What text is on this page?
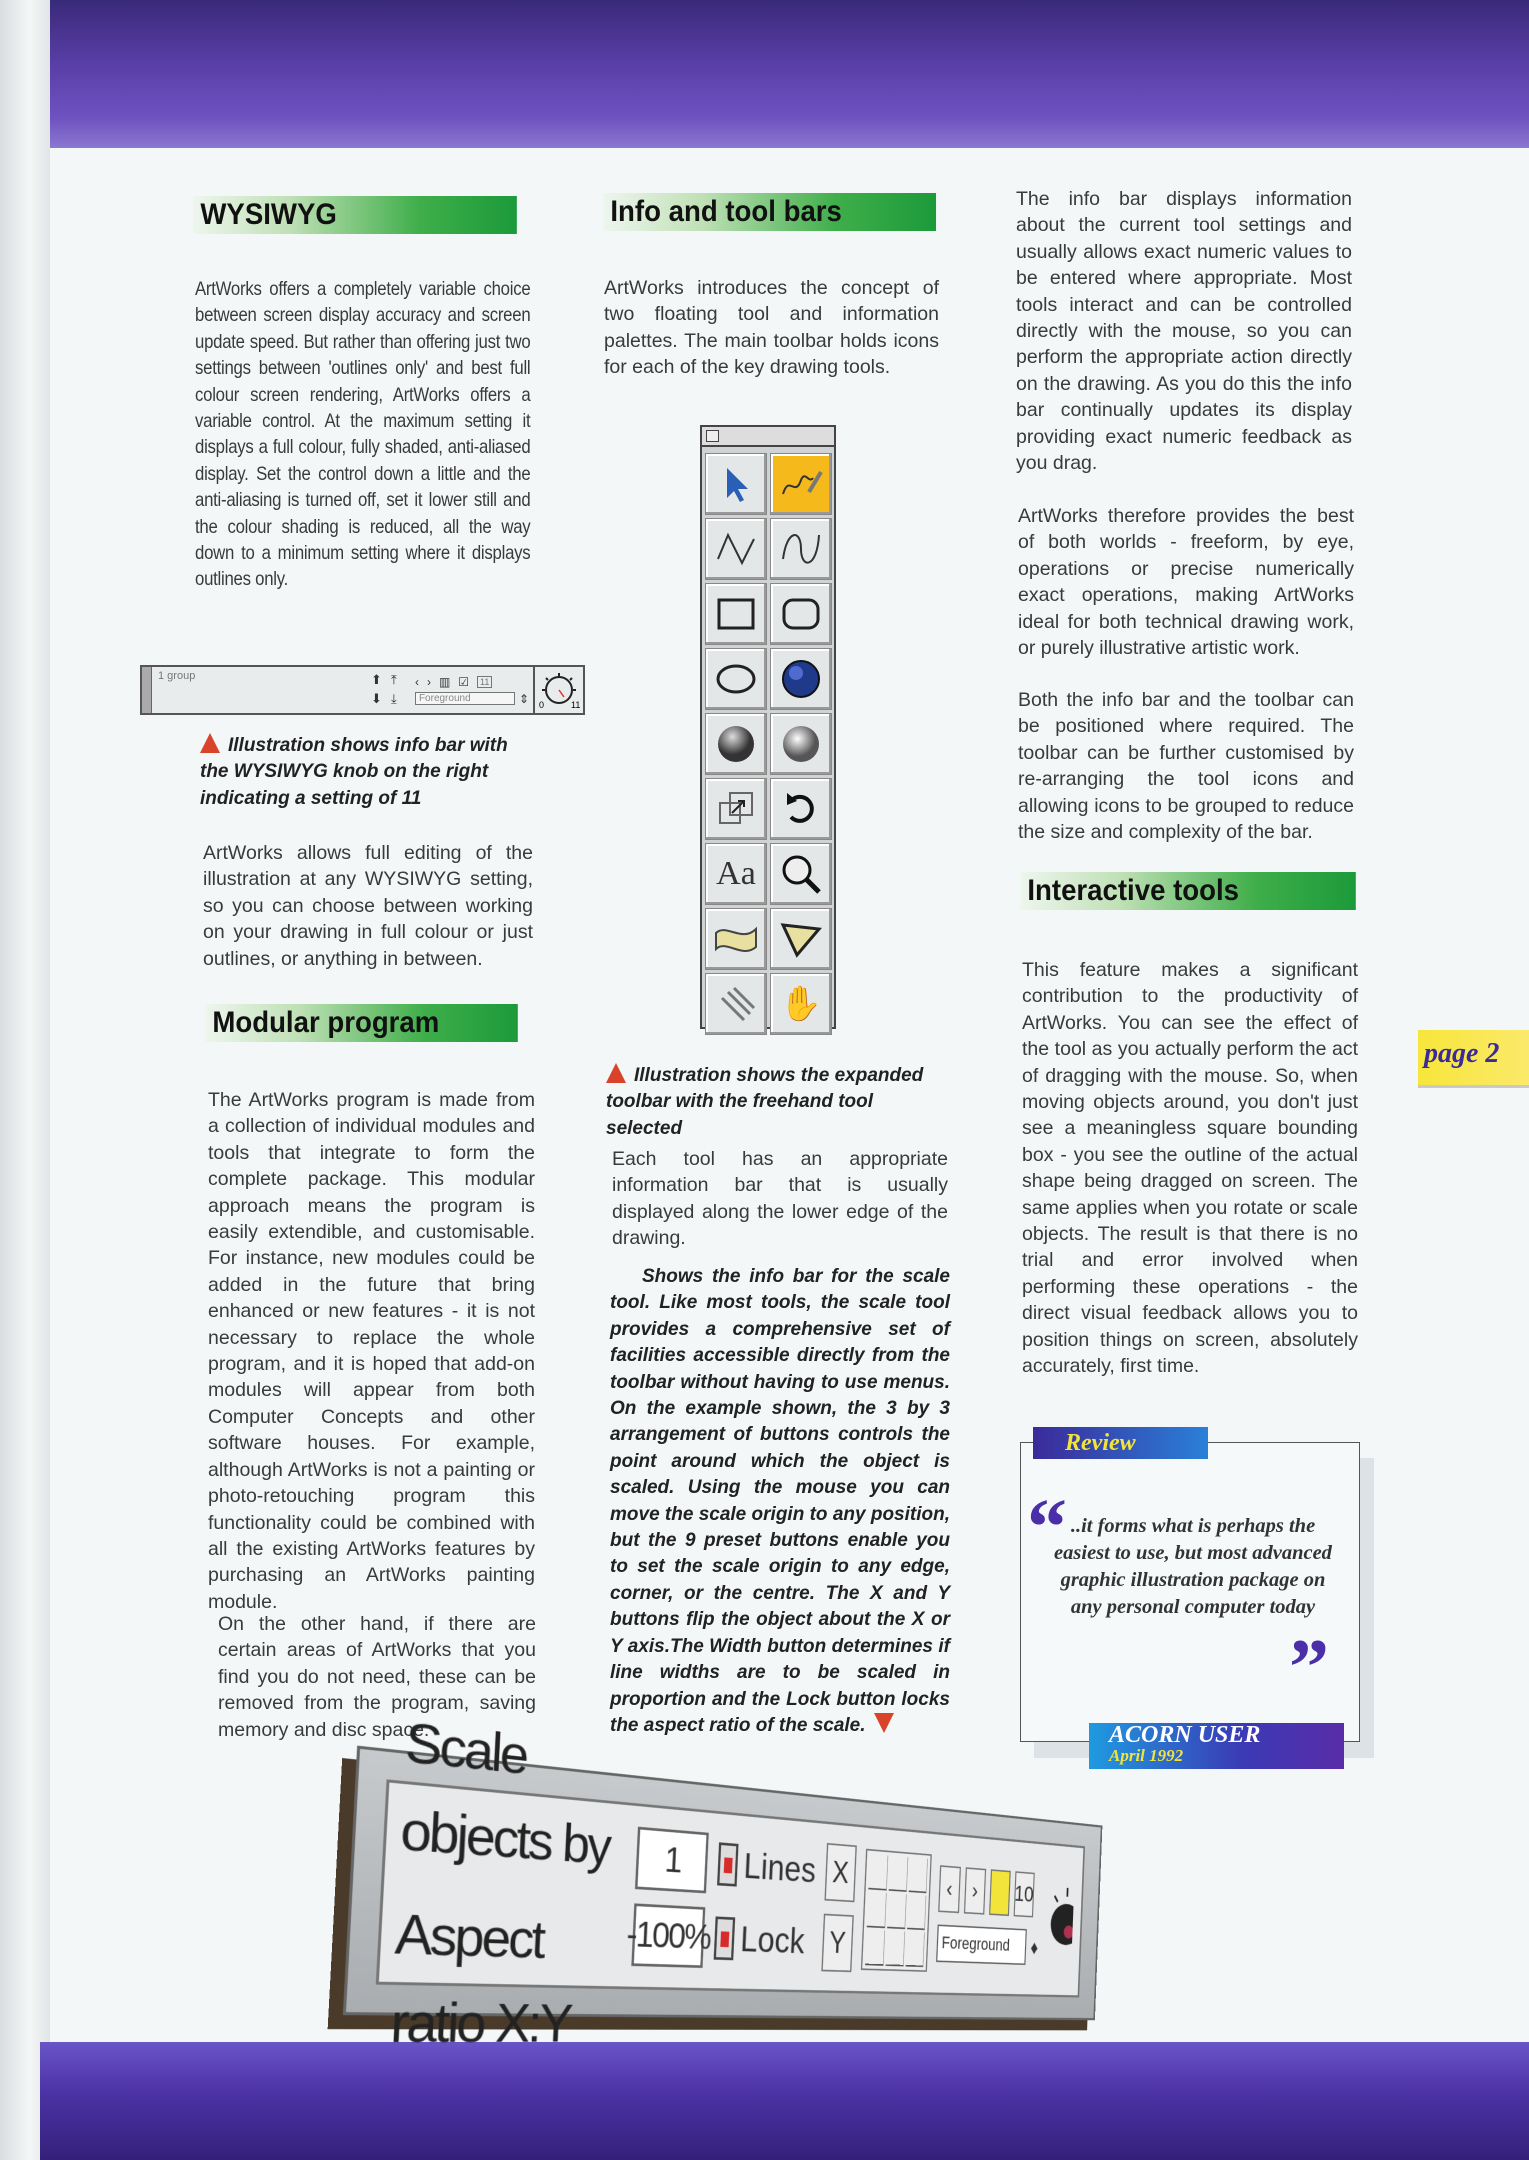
WYSIWYG
ArtWorks offers a completely variable choice between screen display accuracy and screen update speed. But rather than offering just two settings between 'outlines only' and best full colour screen rendering, ArtWorks offers a variable control. At the maximum setting it displays a full colour, fully shaded, anti-aliased display. Set the control down a little and the anti-aliasing is turned off, set it lower still and the colour shading is reduced, all the way down to a minimum setting where it displays outlines only.
1 group	⬆ ⤒
⬇ ⤓
‹ › ▥ ☑	11
Foreground	⇕ 0	11
Illustration shows info bar with the WYSIWYG knob on the right indicating a setting of 11
ArtWorks allows full editing of the illustration at any WYSIWYG setting, so you can choose between working on your drawing in full colour or just outlines, or anything in between.
Modular program
The ArtWorks program is made from a collection of individual modules and tools that integrate to form the complete package. This modular approach means the program is easily extendible, and customisable. For instance, new modules could be added in the future that bring enhanced or new features - it is not necessary to replace the whole program, and it is hoped that add-on modules will appear from both Computer Concepts and other software houses. For example, although ArtWorks is not a painting or photo-retouching program this functionality could be combined with all the existing ArtWorks features by purchasing an ArtWorks painting module.
On the other hand, if there are certain areas of ArtWorks that you find you do not need, these can be removed from the program, saving memory and disc space.
Info and tool bars
ArtWorks introduces the concept of two floating tool and information palettes. The main toolbar holds icons for each of the key drawing tools.
Aa
✋
Illustration shows the expanded toolbar with the freehand tool selected
Each tool has an appropriate information bar that is usually displayed along the lower edge of the drawing.
Shows the info bar for the scale tool. Like most tools, the scale tool provides a comprehensive set of facilities accessible directly from the toolbar without having to use menus. On the example shown, the 3 by 3 arrangement of buttons controls the point around which the object is scaled. Using the mouse you can move the scale origin to any position, but the 9 preset buttons enable you to set the scale origin to any edge, corner, or the centre. The X and Y buttons flip the object about the X or Y axis.The Width button determines if line widths are to be scaled in proportion and the Lock button locks the aspect ratio of the scale.
The info bar displays information about the current tool settings and usually allows exact numeric values to be entered where appropriate. Most tools interact and can be controlled directly with the mouse, so you can perform the appropriate action directly on the drawing. As you do this the info bar continually updates its display providing exact numeric feedback as you drag.
ArtWorks therefore provides the best of both worlds - freeform, by eye, operations or precise numerically exact operations, making ArtWorks ideal for both technical drawing work, or purely illustrative artistic work.
Both the info bar and the toolbar can be positioned where required. The toolbar can be further customised by re-arranging the tool icons and allowing icons to be grouped to reduce the size and complexity of the bar.
Interactive tools
This feature makes a significant contribution to the productivity of ArtWorks. You can see the effect of the tool as you actually perform the act of dragging with the mouse. So, when moving objects around, you don't just see a meaningless square bounding box - you see the outline of the actual shape being dragged on screen. The same applies when you rotate or scale objects. The result is that there is no trial and error involved when performing these operations - the direct visual feedback allows you to position things on screen, absolutely accurately, first time.
page 2
Review
“ ..it forms what is perhaps the easiest to use, but most advanced graphic illustration package on any personal computer today
”
ACORN USER
April 1992
Scale objects by
Aspect ratio X:Y
1
-100%
Lines
Lock
X
Y
‹ › 10
Foreground ♦
